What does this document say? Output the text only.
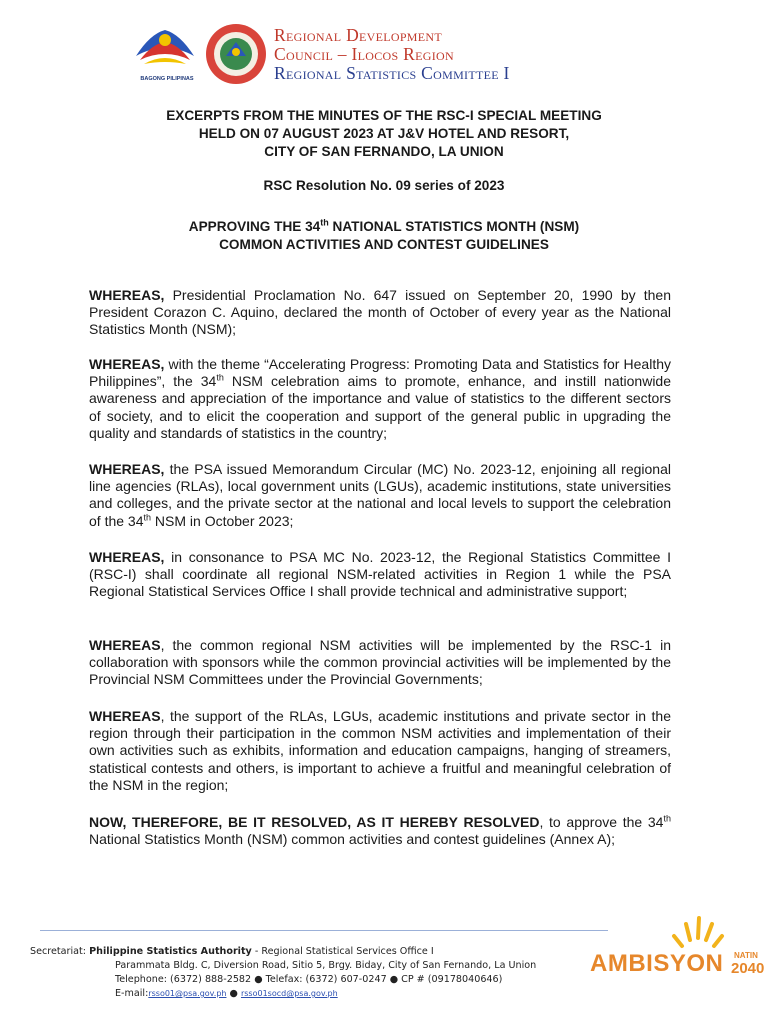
BAGONG PILIPINAS
Regional Development
Council – Ilocos Region
Regional Statistics Committee I
EXCERPTS FROM THE MINUTES OF THE RSC-I SPECIAL MEETING
HELD ON 07 AUGUST 2023 AT J&V HOTEL AND RESORT,
CITY OF SAN FERNANDO, LA UNION
RSC Resolution No. 09 series of 2023
APPROVING THE 34th NATIONAL STATISTICS MONTH (NSM)
COMMON ACTIVITIES AND CONTEST GUIDELINES

WHEREAS, Presidential Proclamation No. 647 issued on September 20, 1990 by then President Corazon C. Aquino, declared the month of October of every year as the National Statistics Month (NSM);

WHEREAS, with the theme “Accelerating Progress: Promoting Data and Statistics for Healthy Philippines”, the 34th NSM celebration aims to promote, enhance, and instill nationwide awareness and appreciation of the importance and value of statistics to the different sectors of society, and to elicit the cooperation and support of the general public in upgrading the quality and standards of statistics in the country;

WHEREAS, the PSA issued Memorandum Circular (MC) No. 2023-12, enjoining all regional line agencies (RLAs), local government units (LGUs), academic institutions, state universities and colleges, and the private sector at the national and local levels to support the celebration of the 34th NSM in October 2023;

WHEREAS, in consonance to PSA MC No. 2023-12, the Regional Statistics Committee I (RSC-I) shall coordinate all regional NSM-related activities in Region 1 while the PSA Regional Statistical Services Office I shall provide technical and administrative support;

WHEREAS, the common regional NSM activities will be implemented by the RSC-1 in collaboration with sponsors while the common provincial activities will be implemented by the Provincial NSM Committees under the Provincial Governments;

WHEREAS, the support of the RLAs, LGUs, academic institutions and private sector in the region through their participation in the common NSM activities and implementation of their own activities such as exhibits, information and education campaigns, hanging of streamers, statistical contests and others, is important to achieve a fruitful and meaningful celebration of the NSM in the region;

NOW, THEREFORE, BE IT RESOLVED, AS IT HEREBY RESOLVED, to approve the 34th National Statistics Month (NSM) common activities and contest guidelines (Annex A);

Secretariat: Philippine Statistics Authority - Regional Statistical Services Office I
Parammata Bldg. C, Diversion Road, Sitio 5, Brgy. Biday, City of San Fernando, La Union
Telephone: (6372) 888-2582 ● Telefax: (6372) 607-0247 ● CP # (09178040646)
E-mail:rsso01@psa.gov.ph ● rsso01socd@psa.gov.ph
AMBISYON NATIN
2040
